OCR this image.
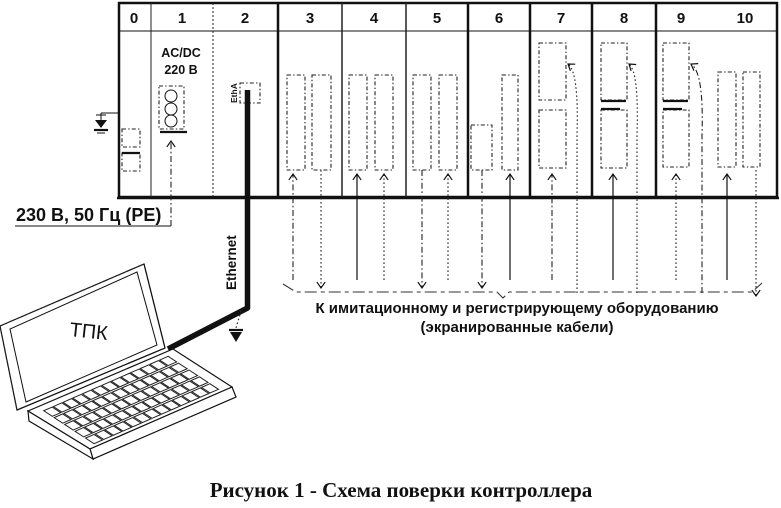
0	1	2	3	4	5	6	7	8	9	10
AC/DC
220 В
EthA
К имитационному и регистрирующему оборудованию
(экранированные кабели)
230 В, 50 Гц (РЕ)
Ethernet
ТПК
Рисунок 1 - Схема поверки контроллера
